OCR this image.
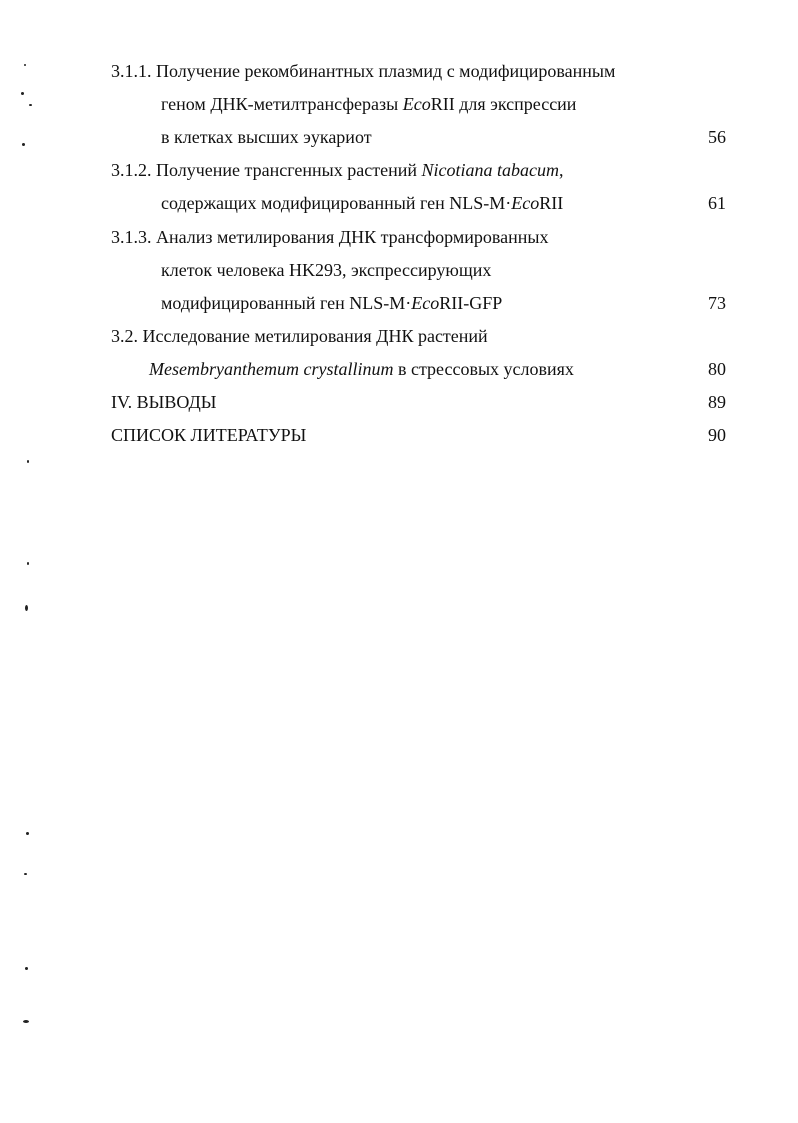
3.1.1. Получение рекомбинантных плазмид с модифицированным
геном ДНК-метилтрансферазы EcoRII для экспрессии
в клетках высших эукариот	56
3.1.2. Получение трансгенных растений Nicotiana tabacum,
содержащих модифицированный ген NLS-M·EcoRII	61
3.1.3. Анализ метилирования ДНК трансформированных
клеток человека HK293, экспрессирующих
модифицированный ген NLS-M·EcoRII-GFP	73
3.2. Исследование метилирования ДНК растений
Mesembryanthemum crystallinum в стрессовых условиях	80
IV. ВЫВОДЫ	89
СПИСОК ЛИТЕРАТУРЫ	90
